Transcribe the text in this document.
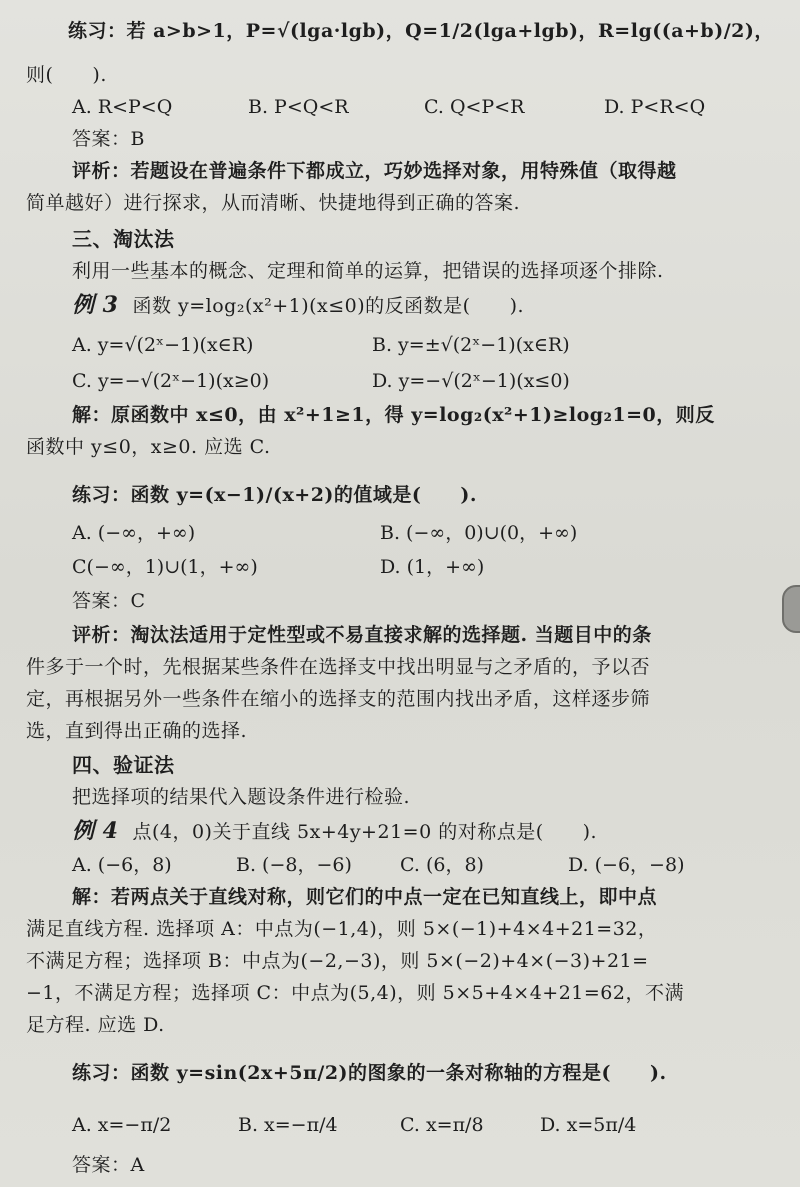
练习：若 a>b>1，P=√(lga·lgb)，Q=1/2(lga+lgb)，R=lg((a+b)/2)，
则(　　).
A. R<P<Q	B. P<Q<R	C. Q<P<R	D. P<R<Q
答案：B
评析：若题设在普遍条件下都成立，巧妙选择对象，用特殊值（取得越
简单越好）进行探求，从而清晰、快捷地得到正确的答案.
三、淘汰法
利用一些基本的概念、定理和简单的运算，把错误的选择项逐个排除.
例 3 函数 y=log₂(x²+1)(x≤0)的反函数是(　　).
A. y=√(2ˣ−1)(x∈R)	B. y=±√(2ˣ−1)(x∈R)
C. y=−√(2ˣ−1)(x≥0)	D. y=−√(2ˣ−1)(x≤0)
解：原函数中 x≤0，由 x²+1≥1，得 y=log₂(x²+1)≥log₂1=0，则反
函数中 y≤0，x≥0. 应选 C.
练习：函数 y=(x−1)/(x+2)的值域是(　　).
A. (−∞，+∞)	B. (−∞，0)∪(0，+∞)
C(−∞，1)∪(1，+∞)	D. (1，+∞)
答案：C
评析：淘汰法适用于定性型或不易直接求解的选择题. 当题目中的条
件多于一个时，先根据某些条件在选择支中找出明显与之矛盾的，予以否
定，再根据另外一些条件在缩小的选择支的范围内找出矛盾，这样逐步筛
选，直到得出正确的选择.
四、验证法
把选择项的结果代入题设条件进行检验.
例 4 点(4，0)关于直线 5x+4y+21=0 的对称点是(　　).
A. (−6，8)	B. (−8，−6)	C. (6，8)	D. (−6，−8)
解：若两点关于直线对称，则它们的中点一定在已知直线上，即中点
满足直线方程. 选择项 A：中点为(−1,4)，则 5×(−1)+4×4+21=32，
不满足方程；选择项 B：中点为(−2,−3)，则 5×(−2)+4×(−3)+21=
−1，不满足方程；选择项 C：中点为(5,4)，则 5×5+4×4+21=62，不满
足方程. 应选 D.
练习：函数 y=sin(2x+5π/2)的图象的一条对称轴的方程是(　　).
A. x=−π/2	B. x=−π/4	C. x=π/8	D. x=5π/4
答案：A
